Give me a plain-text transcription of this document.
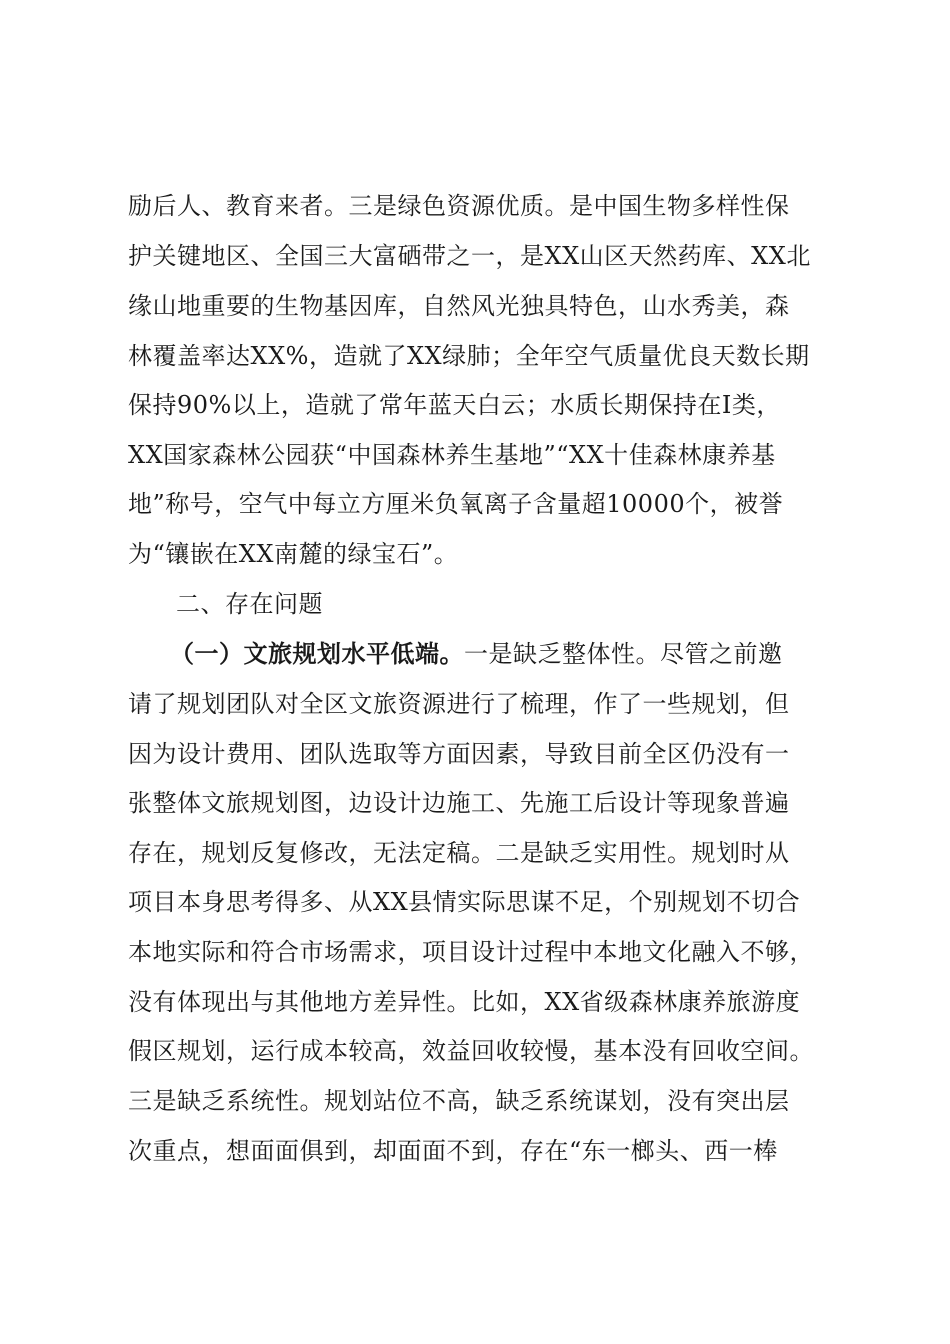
励后人、教育来者。三是绿色资源优质。是中国生物多样性保
护关键地区、全国三大富硒带之一，是XX山区天然药库、XX北
缘山地重要的生物基因库，自然风光独具特色，山水秀美，森
林覆盖率达XX%，造就了XX绿肺；全年空气质量优良天数长期
保持90%以上，造就了常年蓝天白云；水质长期保持在Ⅰ类，
XX国家森林公园获“中国森林养生基地”“XX十佳森林康养基
地”称号，空气中每立方厘米负氧离子含量超10000个，被誉
为“镶嵌在XX南麓的绿宝石”。
二、存在问题
（一）文旅规划水平低端。一是缺乏整体性。尽管之前邀
请了规划团队对全区文旅资源进行了梳理，作了一些规划，但
因为设计费用、团队选取等方面因素，导致目前全区仍没有一
张整体文旅规划图，边设计边施工、先施工后设计等现象普遍
存在，规划反复修改，无法定稿。二是缺乏实用性。规划时从
项目本身思考得多、从XX县情实际思谋不足，个别规划不切合
本地实际和符合市场需求，项目设计过程中本地文化融入不够，
没有体现出与其他地方差异性。比如，XX省级森林康养旅游度
假区规划，运行成本较高，效益回收较慢，基本没有回收空间。
三是缺乏系统性。规划站位不高，缺乏系统谋划，没有突出层
次重点，想面面俱到，却面面不到，存在“东一榔头、西一棒
